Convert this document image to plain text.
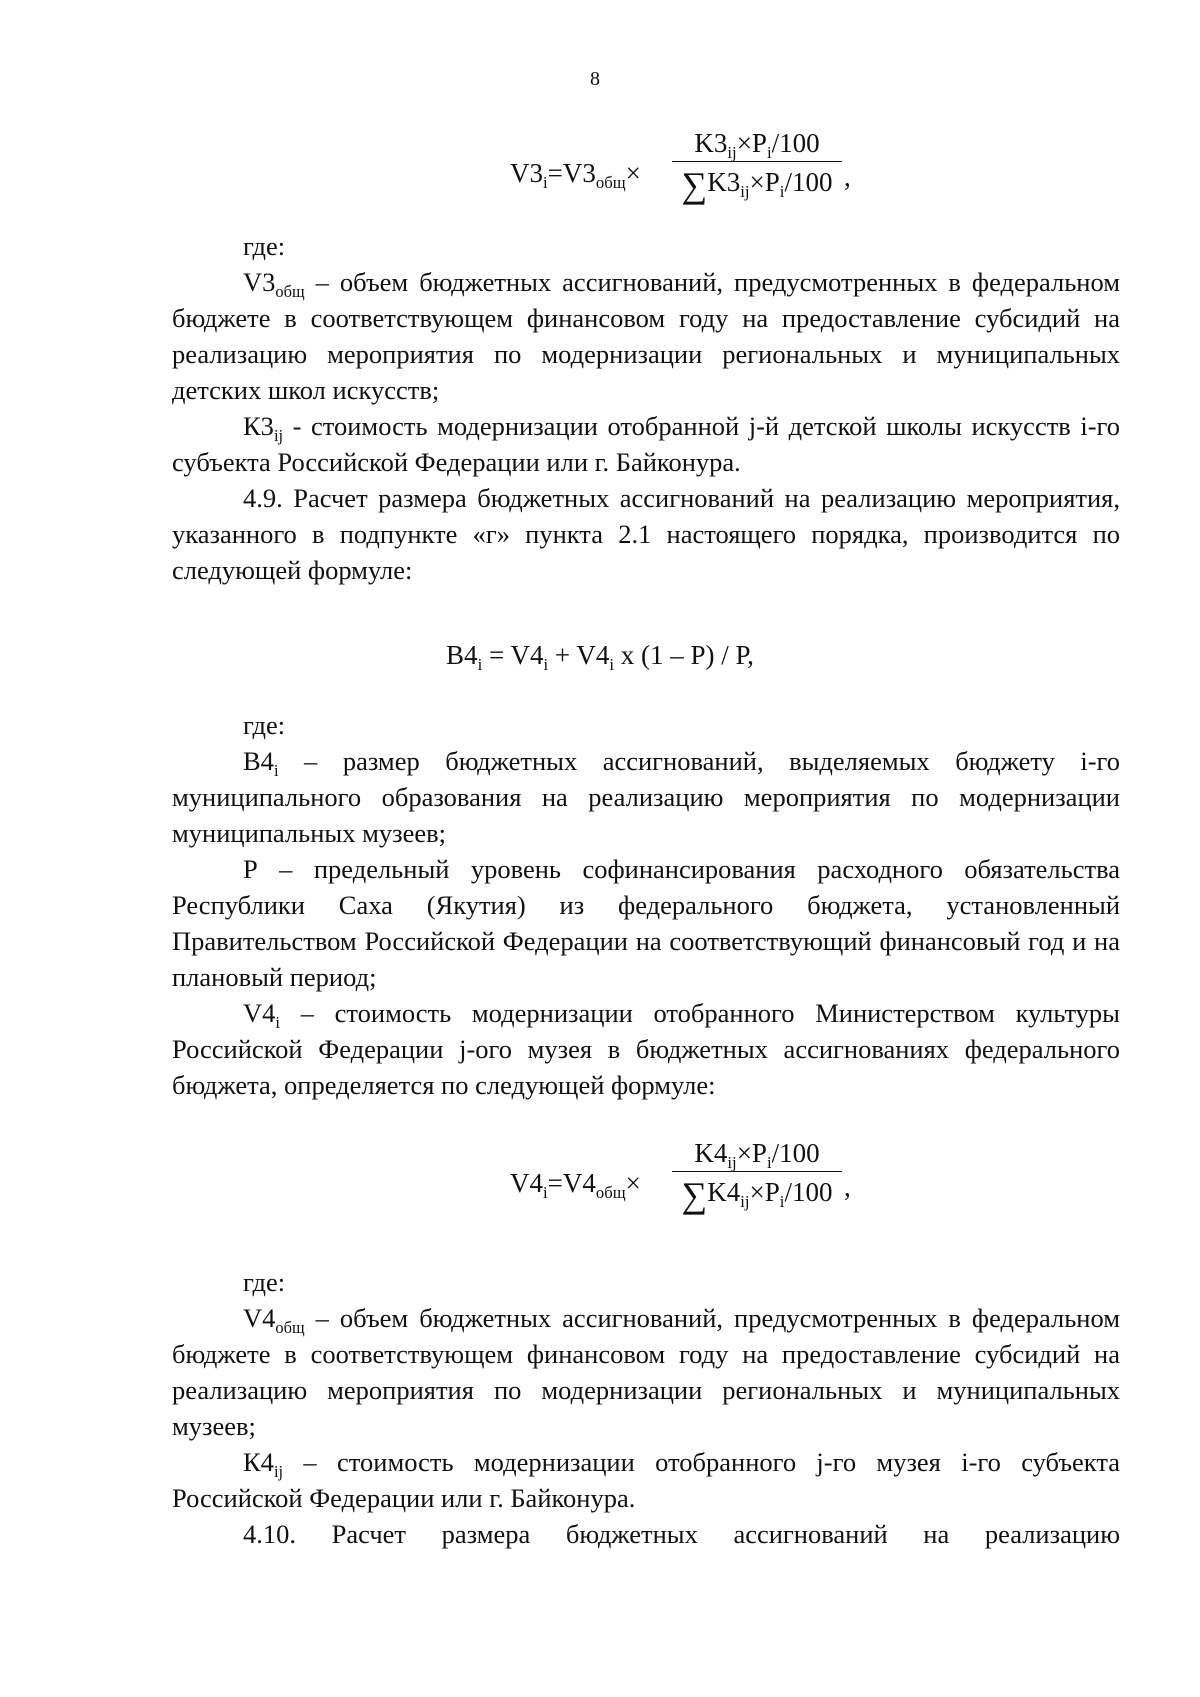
8
$V3_i=V3_{общ}\times$
$K3_{ij}\times P_i/100$
$\sum K3_{ij}\times P_i/100$ ,

где:

$V3_{общ}$ – объем бюджетных ассигнований, предусмотренных в федеральном бюджете в соответствующем финансовом году на предоставление субсидий на реализацию мероприятия по модернизации региональных и муниципальных детских школ искусств;

$К3_{ij}$ - стоимость модернизации отобранной j-й детской школы искусств i-го субъекта Российской Федерации или г. Байконура.

4.9. Расчет размера бюджетных ассигнований на реализацию мероприятия, указанного в подпункте «г» пункта 2.1 настоящего порядка, производится по следующей формуле:

$В4_i = V4_i + V4_i$ х (1 – Р) / Р,

где:

$В4_i$ – размер бюджетных ассигнований, выделяемых бюджету i-го муниципального образования на реализацию мероприятия по модернизации муниципальных музеев;

Р – предельный уровень софинансирования расходного обязательства Республики Саха (Якутия) из федерального бюджета, установленный Правительством Российской Федерации на соответствующий финансовый год и на плановый период;

$V4_i$ – стоимость модернизации отобранного Министерством культуры Российской Федерации j-ого музея в бюджетных ассигнованиях федерального бюджета, определяется по следующей формуле:

$V4_i=V4_{общ}\times$
$K4_{ij}\times P_i/100$
$\sum K4_{ij}\times P_i/100$ ,

где:

$V4_{общ}$ – объем бюджетных ассигнований, предусмотренных в федеральном бюджете в соответствующем финансовом году на предоставление субсидий на реализацию мероприятия по модернизации региональных и муниципальных музеев;

$К4_{ij}$ – стоимость модернизации отобранного j-го музея i-го субъекта Российской Федерации или г. Байконура.

4.10. Расчет размера бюджетных ассигнований на реализацию
